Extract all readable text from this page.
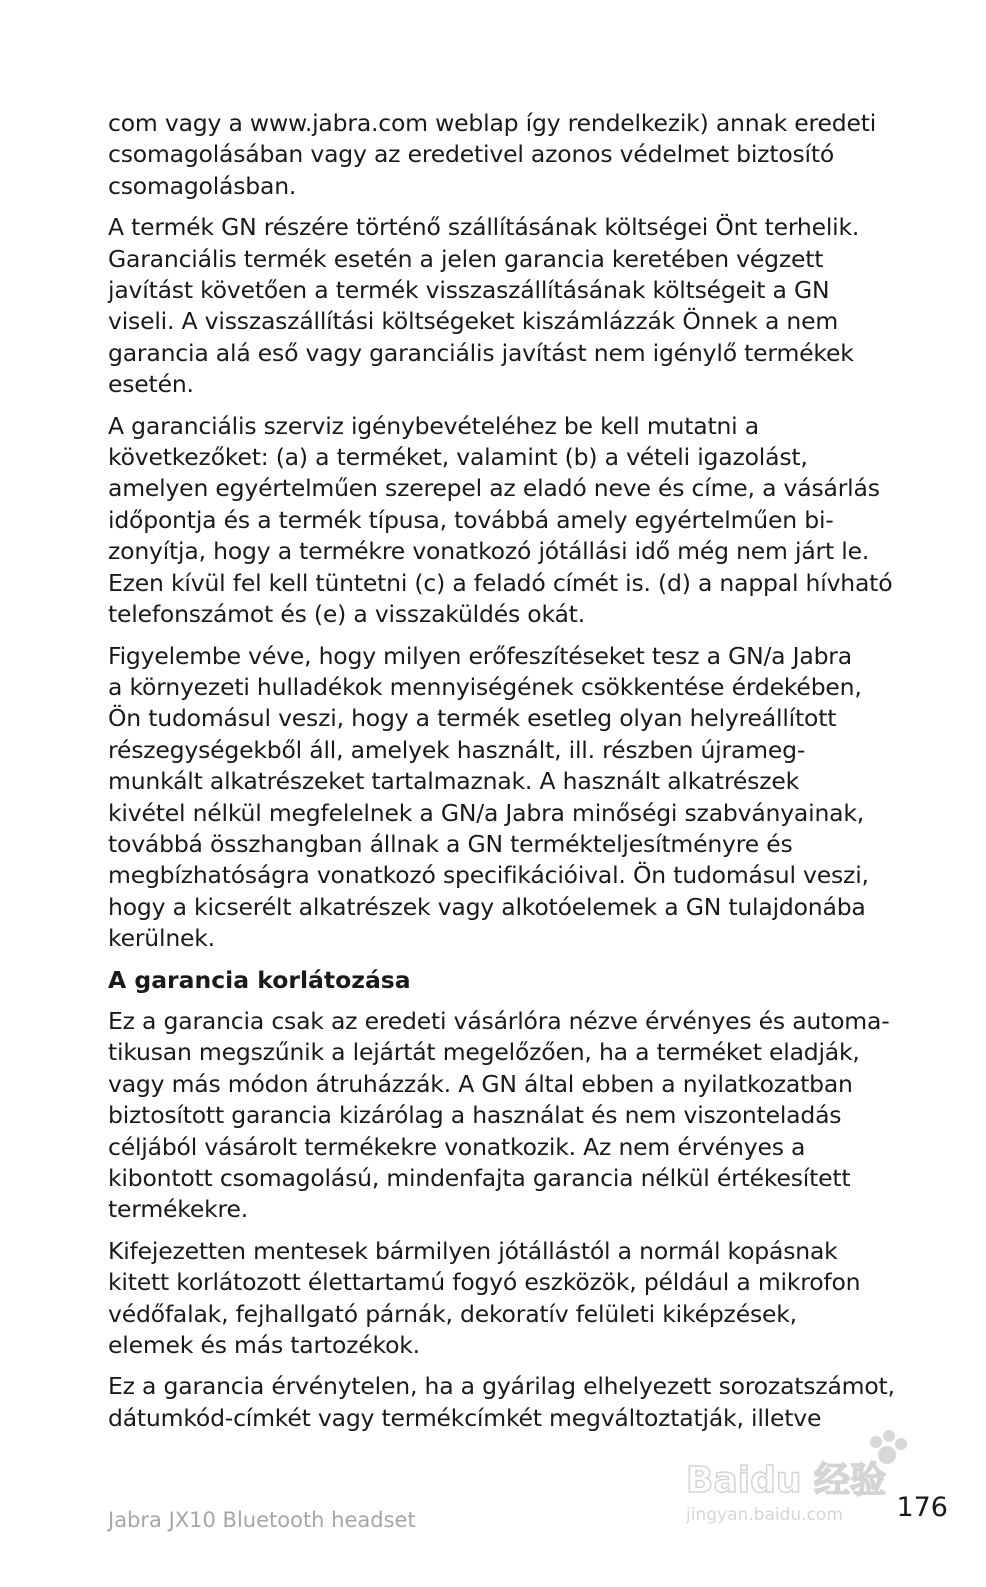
com vagy a www.jabra.com weblap így rendelkezik) annak eredeti
csomagolásában vagy az eredetivel azonos védelmet biztosító
csomagolásban.
A termék GN részére történő szállításának költségei Önt terhelik.
Garanciális termék esetén a jelen garancia keretében végzett
javítást követően a termék visszaszállításának költségeit a GN
viseli. A visszaszállítási költségeket kiszámlázzák Önnek a nem
garancia alá eső vagy garanciális javítást nem igénylő termékek
esetén.
A garanciális szerviz igénybevételéhez be kell mutatni a
következőket: (a) a terméket, valamint (b) a vételi igazolást,
amelyen egyértelműen szerepel az eladó neve és címe, a vásárlás
időpontja és a termék típusa, továbbá amely egyértelműen bi-
zonyítja, hogy a termékre vonatkozó jótállási idő még nem járt le.
Ezen kívül fel kell tüntetni (c) a feladó címét is. (d) a nappal hívható
telefonszámot és (e) a visszaküldés okát.
Figyelembe véve, hogy milyen erőfeszítéseket tesz a GN/a Jabra
a környezeti hulladékok mennyiségének csökkentése érdekében,
Ön tudomásul veszi, hogy a termék esetleg olyan helyreállított
részegységekből áll, amelyek használt, ill. részben újrameg-
munkált alkatrészeket tartalmaznak. A használt alkatrészek
kivétel nélkül megfelelnek a GN/a Jabra minőségi szabványainak,
továbbá összhangban állnak a GN termékteljesítményre és
megbízhatóságra vonatkozó specifikációival. Ön tudomásul veszi,
hogy a kicserélt alkatrészek vagy alkotóelemek a GN tulajdonába
kerülnek.
A garancia korlátozása
Ez a garancia csak az eredeti vásárlóra nézve érvényes és automa-
tikusan megszűnik a lejártát megelőzően, ha a terméket eladják,
vagy más módon átruházzák. A GN által ebben a nyilatkozatban
biztosított garancia kizárólag a használat és nem viszonteladás
céljából vásárolt termékekre vonatkozik. Az nem érvényes a
kibontott csomagolású, mindenfajta garancia nélkül értékesített
termékekre.
Kifejezetten mentesek bármilyen jótállástól a normál kopásnak
kitett korlátozott élettartamú fogyó eszközök, például a mikrofon
védőfalak, fejhallgató párnák, dekoratív felületi kiképzések,
elemek és más tartozékok.
Ez a garancia érvénytelen, ha a gyárilag elhelyezett sorozatszámot,
dátumkód-címkét vagy termékcímkét megváltoztatják, illetve
Baidu 经验
jingyan.baidu.com
Jabra JX10 Bluetooth headset	176
